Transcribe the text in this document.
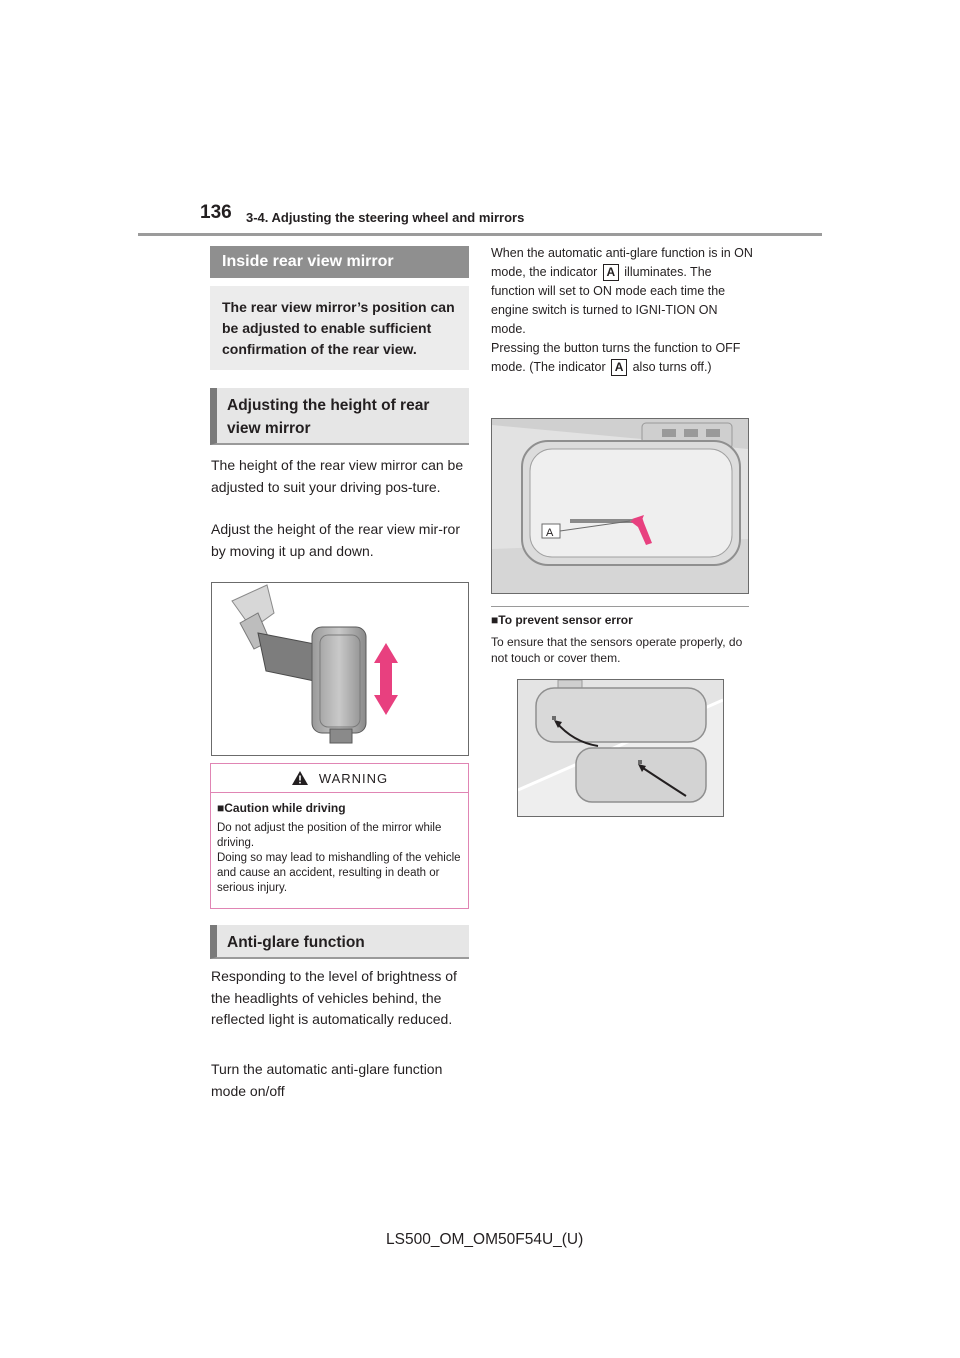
136 3-4. Adjusting the steering wheel and mirrors
Inside rear view mirror
The rear view mirror’s position can be adjusted to enable sufficient confirmation of the rear view.
Adjusting the height of rear view mirror
The height of the rear view mirror can be adjusted to suit your driving pos-ture.
Adjust the height of the rear view mir-ror by moving it up and down.
WARNING
■Caution while driving
Do not adjust the position of the mirror while driving.
Doing so may lead to mishandling of the vehicle and cause an accident, resulting in death or serious injury.
Anti-glare function
Responding to the level of brightness of the headlights of vehicles behind, the reflected light is automatically reduced.
Turn the automatic anti-glare function mode on/off
When the automatic anti-glare function is in ON mode, the indicator A illuminates. The function will set to ON mode each time the engine switch is turned to IGNI-TION ON mode.
Pressing the button turns the function to OFF mode. (The indicator A also turns off.)
A
■To prevent sensor error
To ensure that the sensors operate properly, do not touch or cover them.
LS500_OM_OM50F54U_(U)
